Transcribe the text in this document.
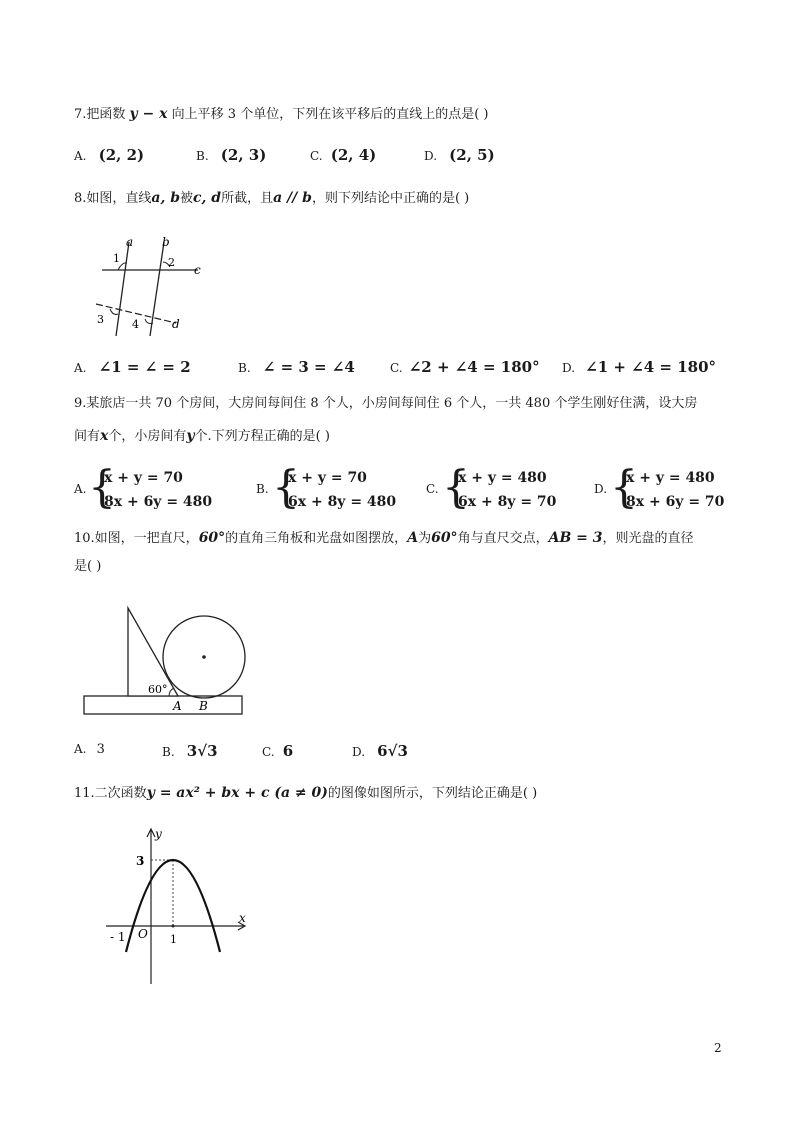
7.把函数 y − x 向上平移 3 个单位，下列在该平移后的直线上的点是( )
A. (2, 2)	B. (2, 3)	C. (2, 4)	D. (2, 5)
8.如图，直线a, b被c, d所截，且a // b，则下列结论中正确的是( )
a b
c
d
1	2
3	4
A. ∠1 = ∠ = 2	B. ∠ = 3 = ∠4	C. ∠2 + ∠4 = 180° D. ∠1 + ∠4 = 180°
9.某旅店一共 70 个房间，大房间每间住 8 个人，小房间每间住 6 个人，一共 480 个学生刚好住满，设大房
间有x个，小房间有y个.下列方程正确的是( )
A. {
x + y = 70
8x + 6y = 480
B. {
x + y = 70
6x + 8y = 480
C. {
x + y = 480
6x + 8y = 70
D. {
x + y = 480
8x + 6y = 70
10.如图，一把直尺，60°的直角三角板和光盘如图摆放，A为60°角与直尺交点，AB = 3，则光盘的直径
是( )
60°
A B
A. 3	B. 3√3	C. 6	D. 6√3
11.二次函数y = ax² + bx + c (a ≠ 0)的图像如图所示，下列结论正确是( )
y
x
3
- 1 O 1
2
